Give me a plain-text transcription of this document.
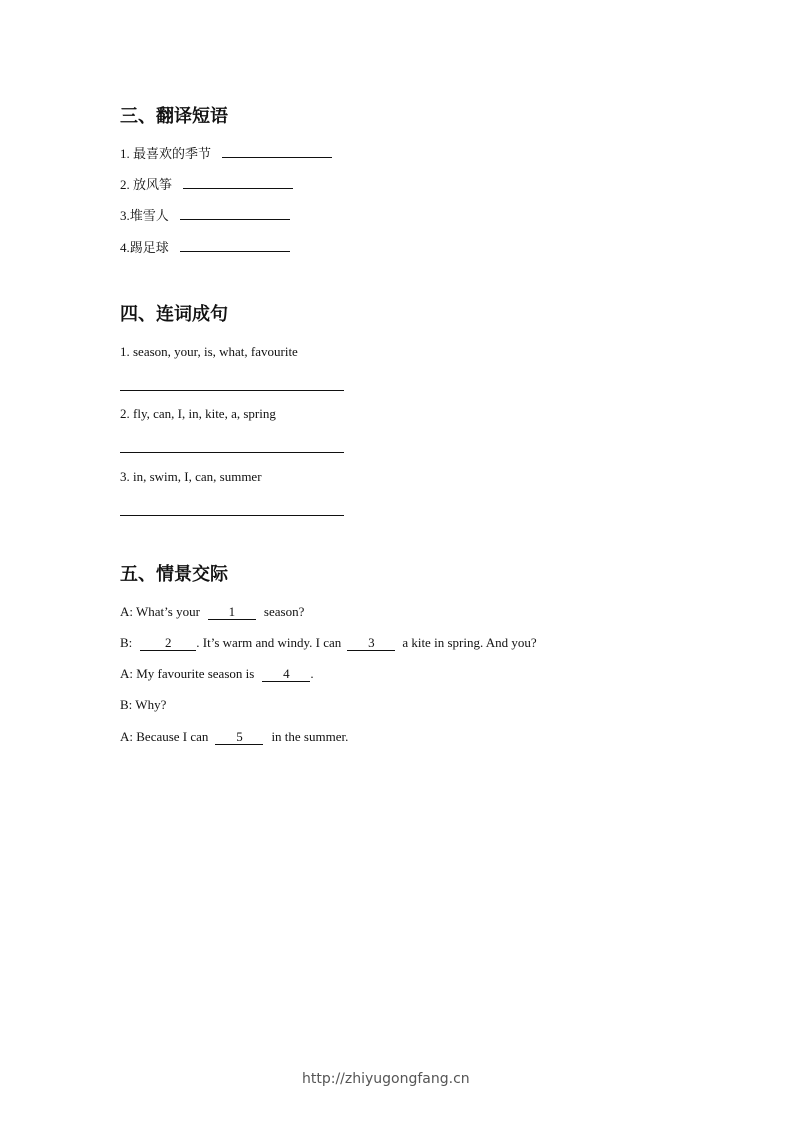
三、翻译短语
1. 最喜欢的季节
2. 放风筝
3.堆雪人
4.踢足球
四、连词成句
1. season, your, is, what, favourite
2. fly, can, I, in, kite, a, spring
3. in, swim, I, can, summer
五、情景交际
A: What’s your 1 season?
B:	2 . It’s warm and windy. I can 3 a kite in spring. And you?
A: My favourite season is 4 .
B: Why?
A: Because I can 5 in the summer.
http://zhiyugongfang.cn
